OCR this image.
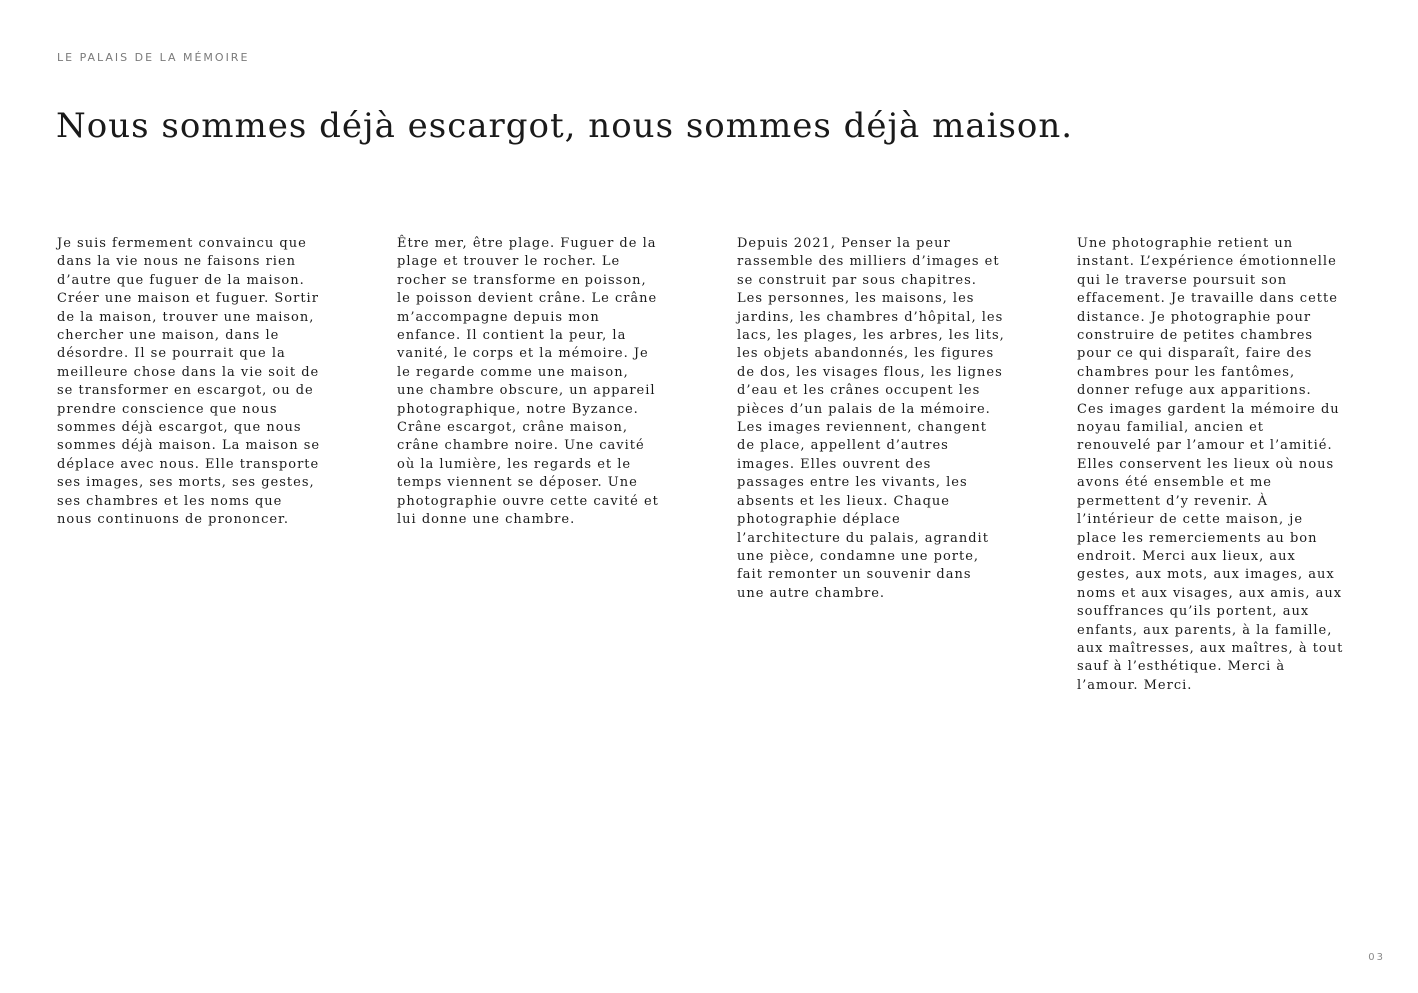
LE PALAIS DE LA MÉMOIRE
Nous sommes déjà escargot, nous sommes déjà maison.
Je suis fermement convaincu que
dans la vie nous ne faisons rien
d’autre que fuguer de la maison.
Créer une maison et fuguer. Sortir
de la maison, trouver une maison,
chercher une maison, dans le
désordre. Il se pourrait que la
meilleure chose dans la vie soit de
se transformer en escargot, ou de
prendre conscience que nous
sommes déjà escargot, que nous
sommes déjà maison. La maison se
déplace avec nous. Elle transporte
ses images, ses morts, ses gestes,
ses chambres et les noms que
nous continuons de prononcer.
Être mer, être plage. Fuguer de la
plage et trouver le rocher. Le
rocher se transforme en poisson,
le poisson devient crâne. Le crâne
m’accompagne depuis mon
enfance. Il contient la peur, la
vanité, le corps et la mémoire. Je
le regarde comme une maison,
une chambre obscure, un appareil
photographique, notre Byzance.
Crâne escargot, crâne maison,
crâne chambre noire. Une cavité
où la lumière, les regards et le
temps viennent se déposer. Une
photographie ouvre cette cavité et
lui donne une chambre.
Depuis 2021, Penser la peur
rassemble des milliers d’images et
se construit par sous chapitres.
Les personnes, les maisons, les
jardins, les chambres d’hôpital, les
lacs, les plages, les arbres, les lits,
les objets abandonnés, les figures
de dos, les visages flous, les lignes
d’eau et les crânes occupent les
pièces d’un palais de la mémoire.
Les images reviennent, changent
de place, appellent d’autres
images. Elles ouvrent des
passages entre les vivants, les
absents et les lieux. Chaque
photographie déplace
l’architecture du palais, agrandit
une pièce, condamne une porte,
fait remonter un souvenir dans
une autre chambre.
Une photographie retient un
instant. L’expérience émotionnelle
qui le traverse poursuit son
effacement. Je travaille dans cette
distance. Je photographie pour
construire de petites chambres
pour ce qui disparaît, faire des
chambres pour les fantômes,
donner refuge aux apparitions.
Ces images gardent la mémoire du
noyau familial, ancien et
renouvelé par l’amour et l’amitié.
Elles conservent les lieux où nous
avons été ensemble et me
permettent d’y revenir. À
l’intérieur de cette maison, je
place les remerciements au bon
endroit. Merci aux lieux, aux
gestes, aux mots, aux images, aux
noms et aux visages, aux amis, aux
souffrances qu’ils portent, aux
enfants, aux parents, à la famille,
aux maîtresses, aux maîtres, à tout
sauf à l’esthétique. Merci à
l’amour. Merci.
03
